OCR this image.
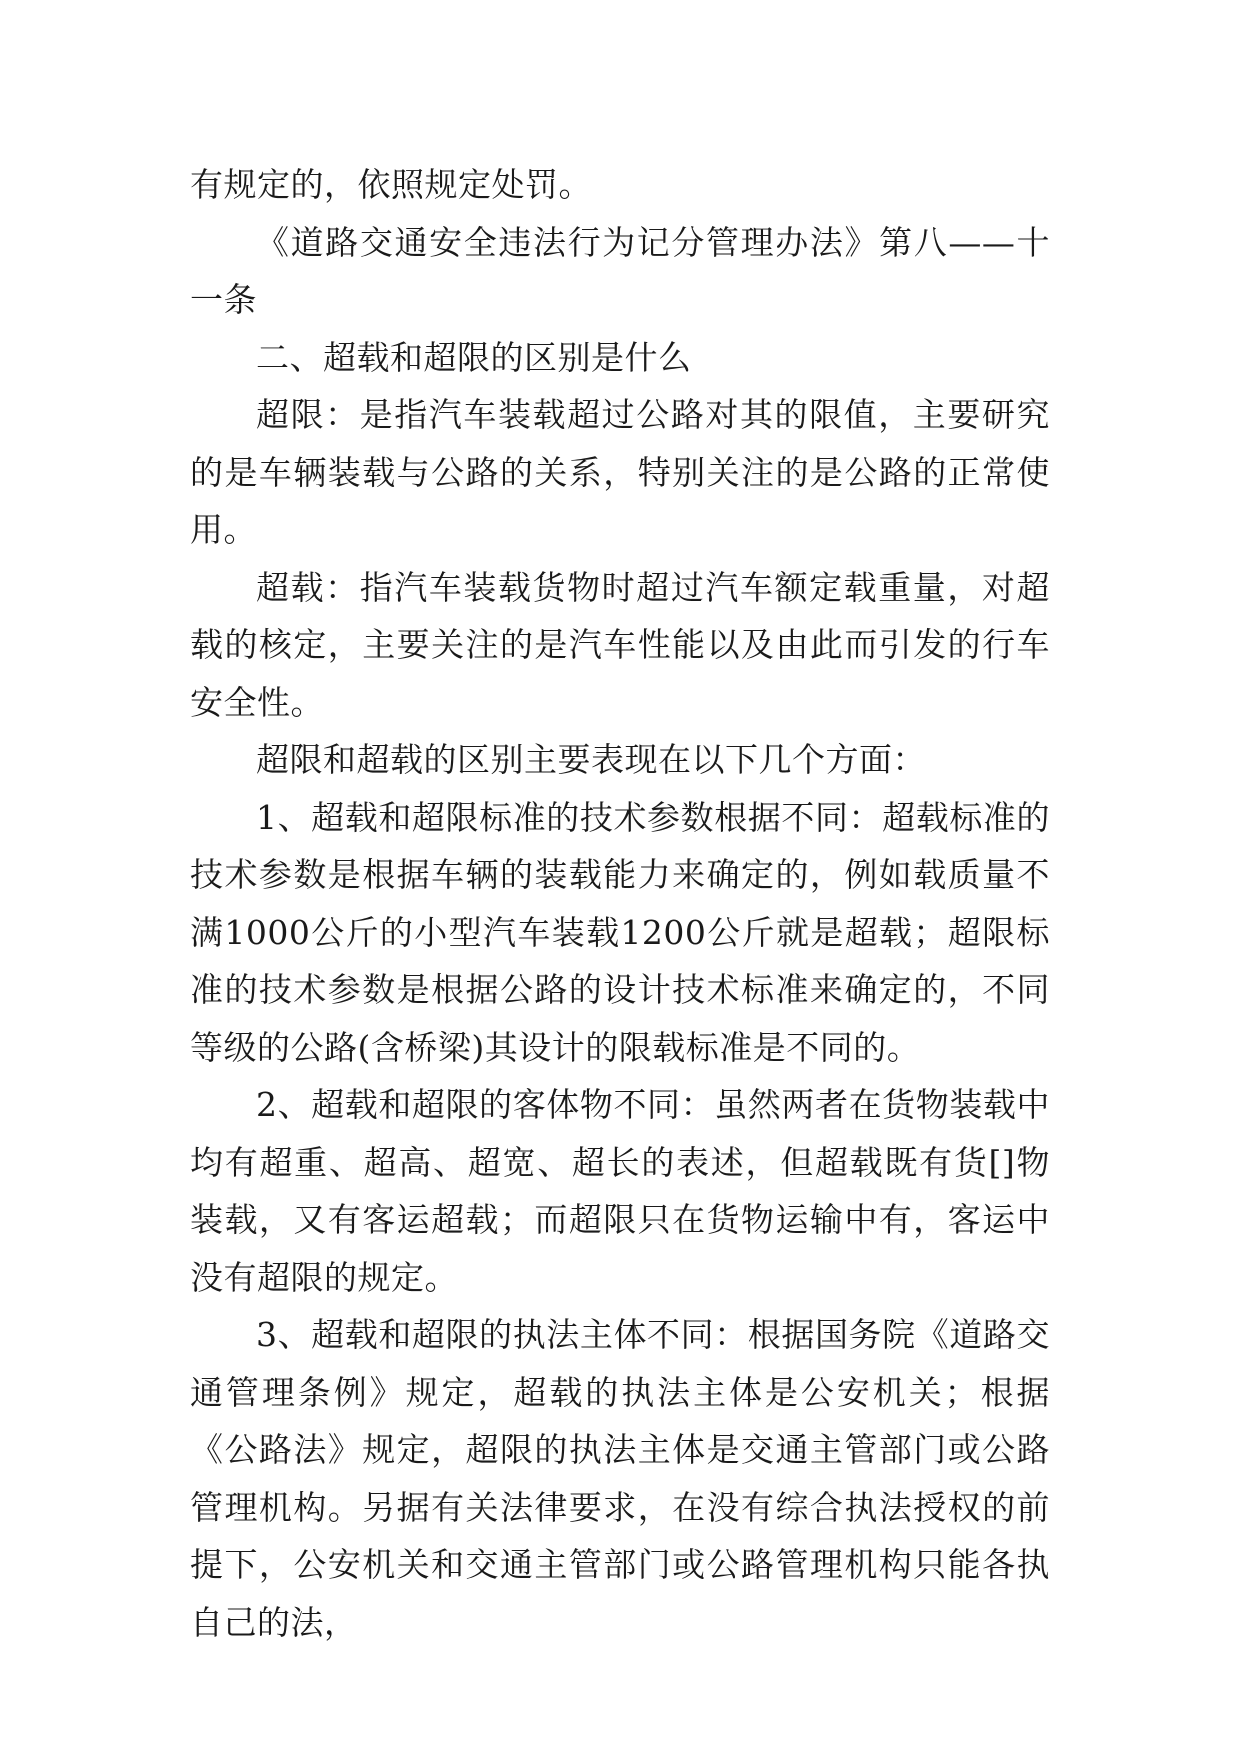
有规定的，依照规定处罚。

《道路交通安全违法行为记分管理办法》第八——十一条

二、超载和超限的区别是什么

超限：是指汽车装载超过公路对其的限值，主要研究的是车辆装载与公路的关系，特别关注的是公路的正常使用。

超载：指汽车装载货物时超过汽车额定载重量，对超载的核定，主要关注的是汽车性能以及由此而引发的行车安全性。

超限和超载的区别主要表现在以下几个方面：

1、超载和超限标准的技术参数根据不同：超载标准的技术参数是根据车辆的装载能力来确定的，例如载质量不满1000公斤的小型汽车装载1200公斤就是超载；超限标准的技术参数是根据公路的设计技术标准来确定的，不同等级的公路(含桥梁)其设计的限载标准是不同的。

2、超载和超限的客体物不同：虽然两者在货物装载中均有超重、超高、超宽、超长的表述，但超载既有货[]物装载，又有客运超载；而超限只在货物运输中有，客运中没有超限的规定。

3、超载和超限的执法主体不同：根据国务院《道路交通管理条例》规定，超载的执法主体是公安机关；根据《公路法》规定，超限的执法主体是交通主管部门或公路管理机构。另据有关法律要求，在没有综合执法授权的前提下，公安机关和交通主管部门或公路管理机构只能各执自己的法，
